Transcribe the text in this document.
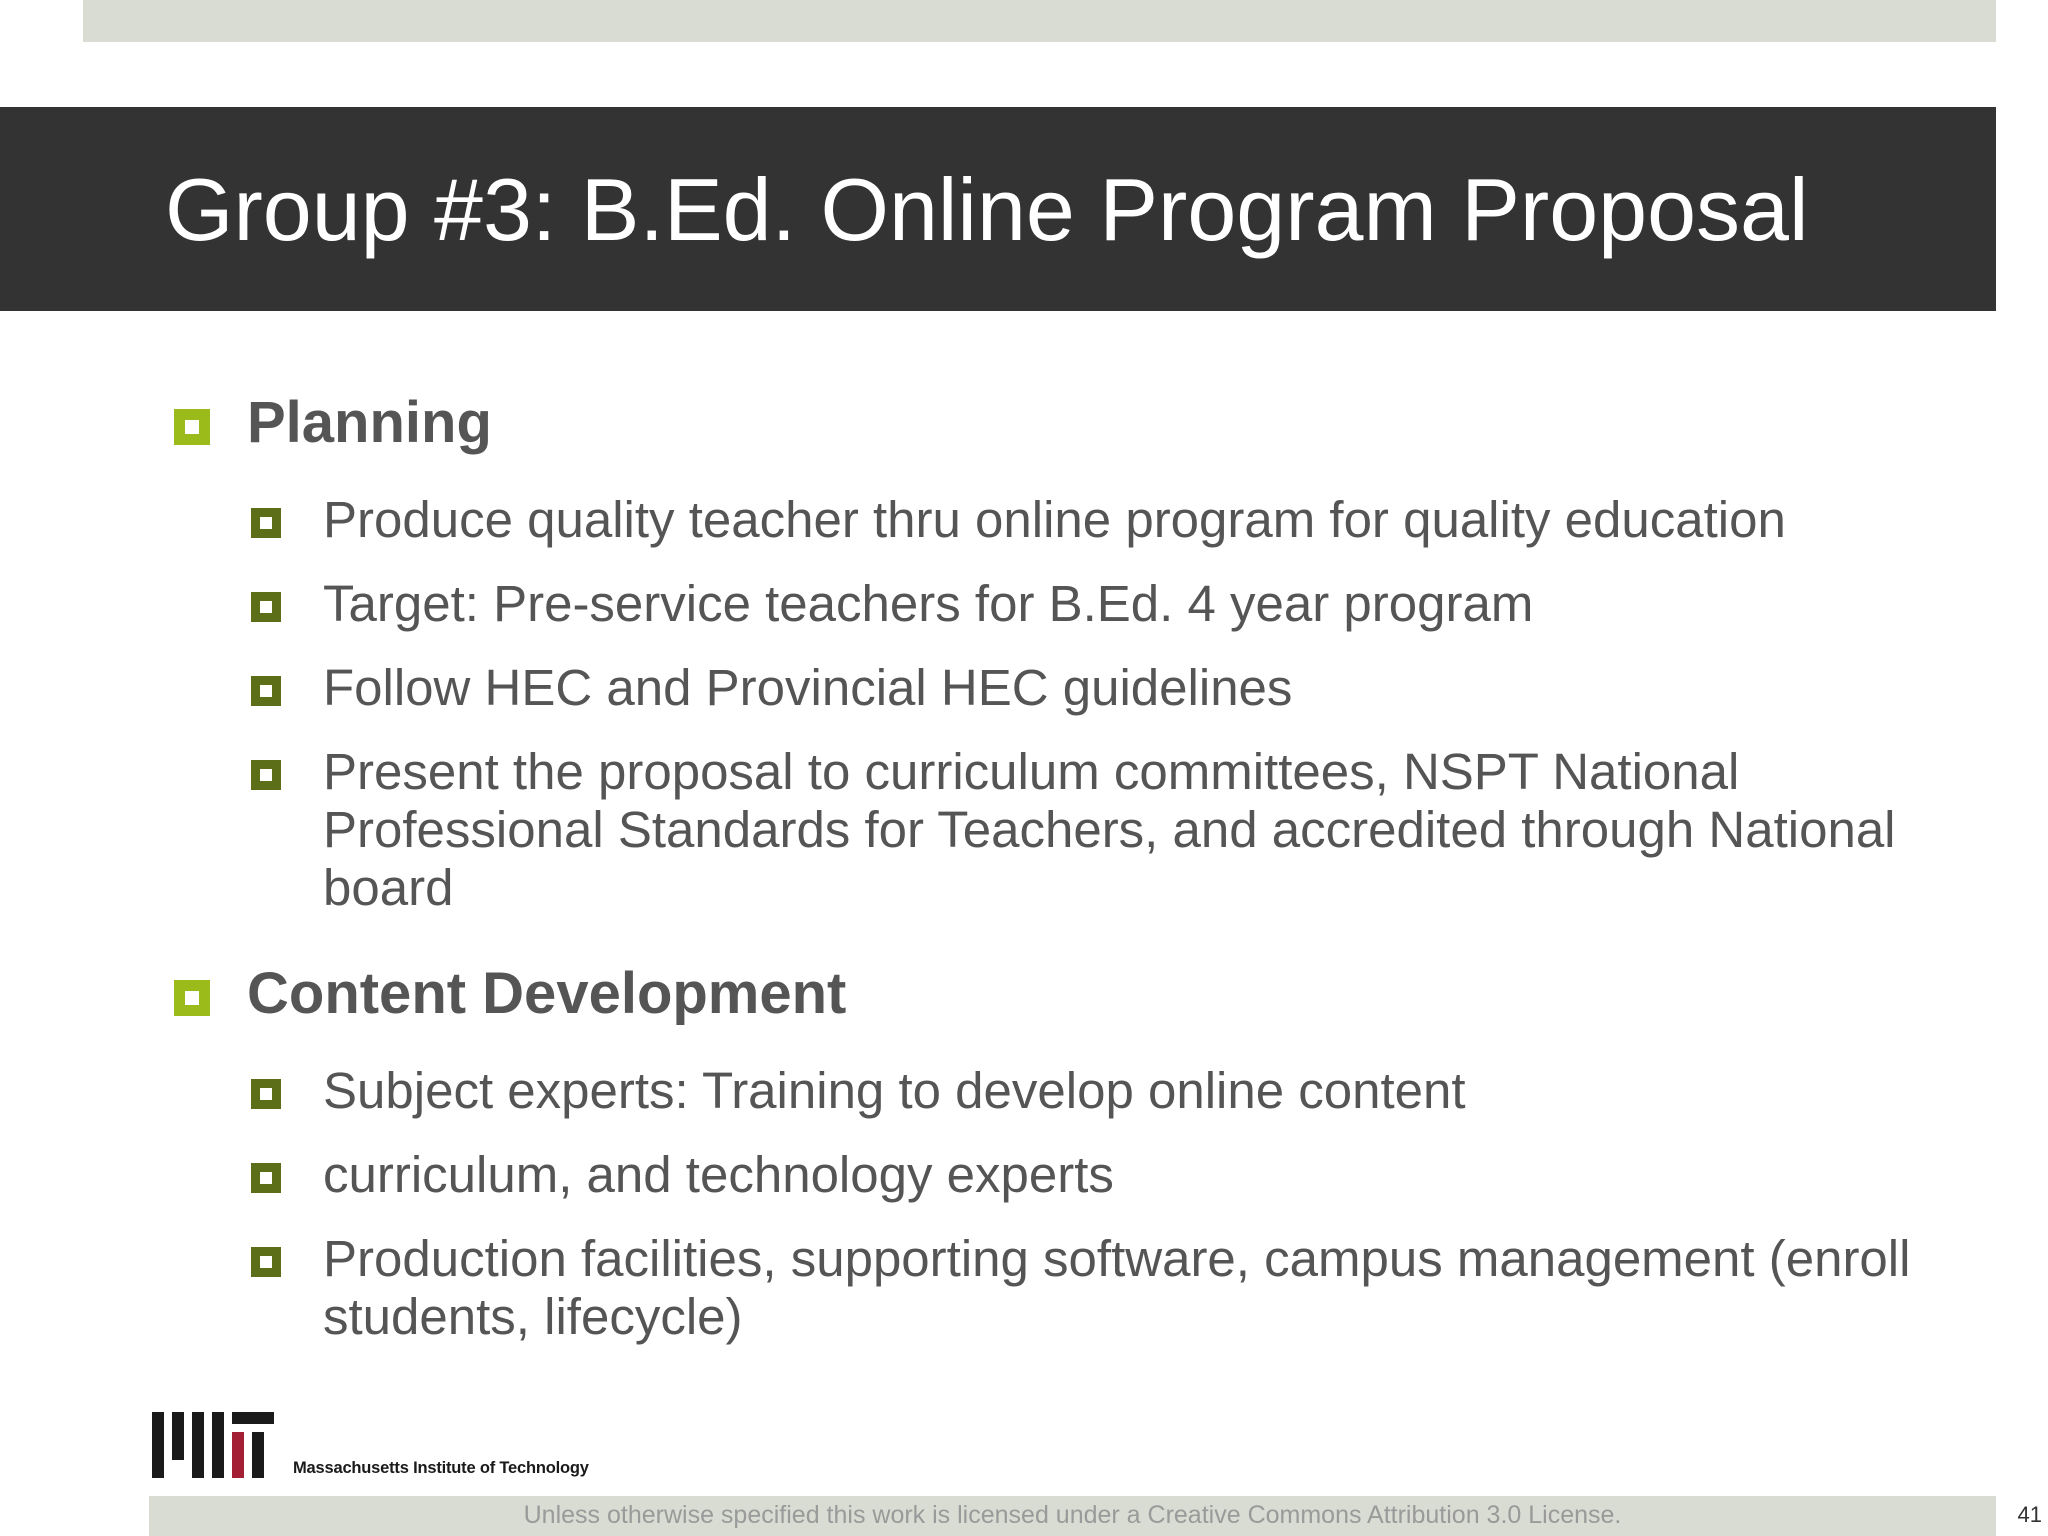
Group #3: B.Ed. Online Program Proposal
Planning

Produce quality teacher thru online program for quality education

Target: Pre-service teachers for B.Ed. 4 year program

Follow HEC and Provincial HEC guidelines

Present the proposal to curriculum committees, NSPT National Professional Standards for Teachers, and accredited through National board

Content Development

Subject experts: Training to develop online content

curriculum, and technology experts

Production facilities, supporting software, campus management (enroll students, lifecycle)

Massachusetts Institute of Technology
Unless otherwise specified this work is licensed under a Creative Commons Attribution 3.0 License.	41
